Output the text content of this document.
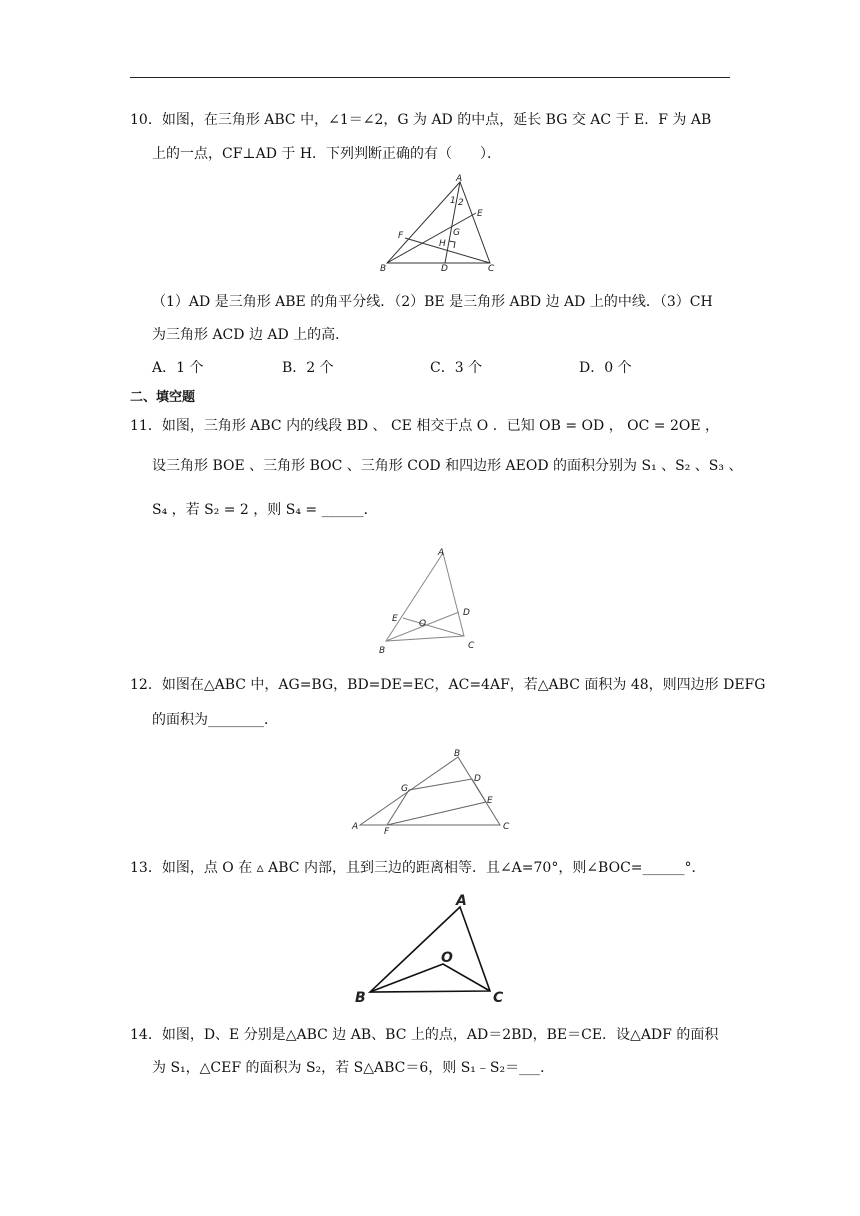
10．如图，在三角形 ABC 中，∠1＝∠2，G 为 AD 的中点，延长 BG 交 AC 于 E．F 为 AB
上的一点，CF⊥AD 于 H．下列判断正确的有（　　）．
A
B	C
D
E
F	G
H
1 2
（1）AD 是三角形 ABE 的角平分线．（2）BE 是三角形 ABD 边 AD 上的中线．（3）CH
为三角形 ACD 边 AD 上的高．
A．1 个	B．2 个	C．3 个	D．0 个
二、填空题
11．如图，三角形 ABC 内的线段 BD 、 CE 相交于点 O ．已知 OB = OD ， OC = 2OE ，
设三角形 BOE 、三角形 BOC 、三角形 COD 和四边形 AEOD 的面积分别为 S₁ 、S₂ 、S₃ 、
S₄ ，若 S₂ = 2 ，则 S₄ = ______．
A
B	C
D
E O
12．如图在△ABC 中，AG=BG，BD=DE=EC，AC=4AF，若△ABC 面积为 48，则四边形 DEFG
的面积为________．
A
B
C
D
E
F
G
13．如图，点 O 在 ▵ ABC 内部，且到三边的距离相等．且∠A=70°，则∠BOC=______°．
A
B	C
O
14．如图，D、E 分别是△ABC 边 AB、BC 上的点，AD＝2BD，BE＝CE．设△ADF 的面积
为 S₁，△CEF 的面积为 S₂，若 S△ABC＝6，则 S₁﹣S₂＝___．
